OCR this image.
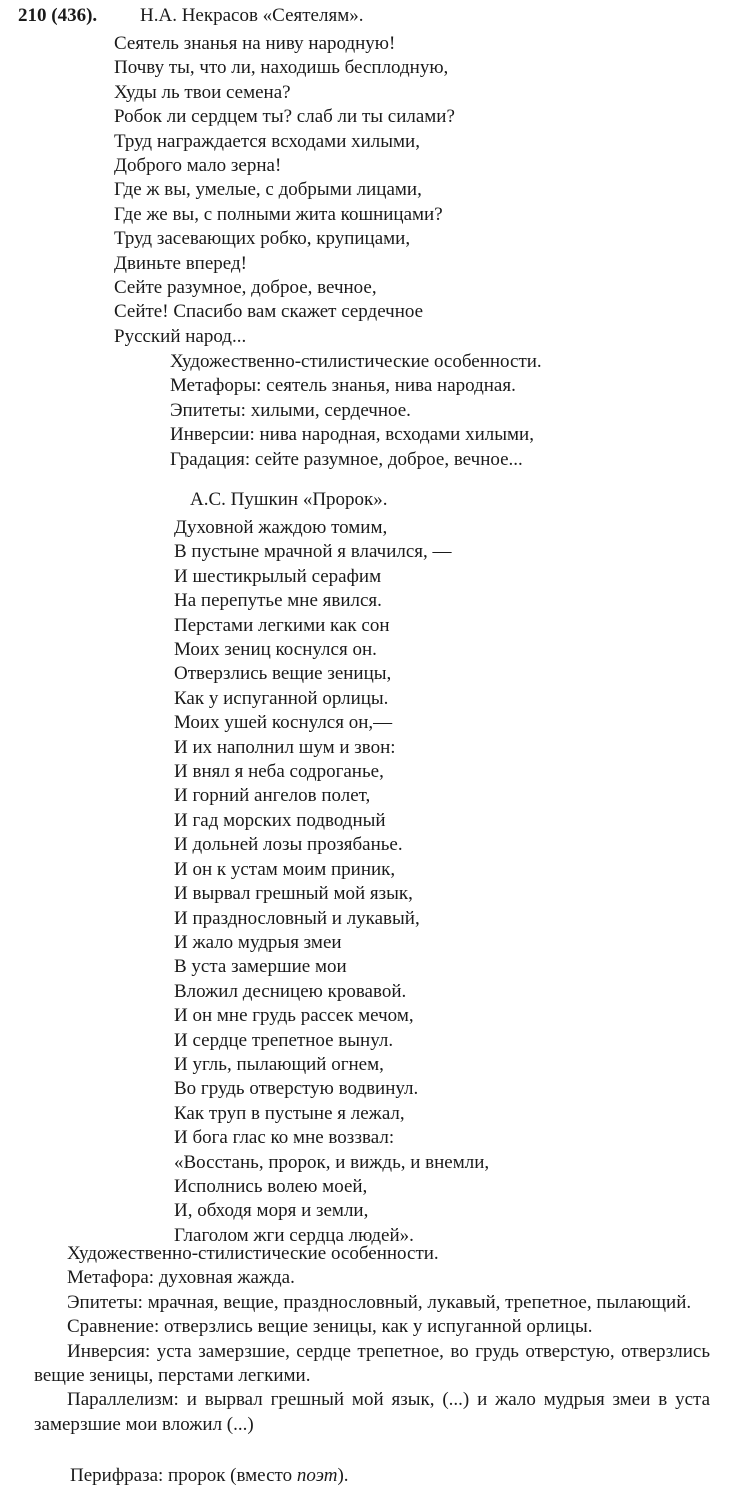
210 (436). Н.А. Некрасов «Сеятелям».
Сеятель знанья на ниву народную!
Почву ты, что ли, находишь бесплодную,
Худы ль твои семена?
Робок ли сердцем ты? слаб ли ты силами?
Труд награждается всходами хилыми,
Доброго мало зерна!
Где ж вы, умелые, с добрыми лицами,
Где же вы, с полными жита кошницами?
Труд засевающих робко, крупицами,
Двиньте вперед!
Сейте разумное, доброе, вечное,
Сейте! Спасибо вам скажет сердечное
Русский народ...
Художественно-стилистические особенности.
Метафоры: сеятель знанья, нива народная.
Эпитеты: хилыми, сердечное.
Инверсии: нива народная, всходами хилыми,
Градация: сейте разумное, доброе, вечное...
А.С. Пушкин «Пророк».
Духовной жаждою томим,
В пустыне мрачной я влачился, —
И шестикрылый серафим
На перепутье мне явился.
Перстами легкими как сон
Моих зениц коснулся он.
Отверзлись вещие зеницы,
Как у испуганной орлицы.
Моих ушей коснулся он,—
И их наполнил шум и звон:
И внял я неба содроганье,
И горний ангелов полет,
И гад морских подводный
И дольней лозы прозябанье.
И он к устам моим приник,
И вырвал грешный мой язык,
И празднословный и лукавый,
И жало мудрыя змеи
В уста замершие мои
Вложил десницею кровавой.
И он мне грудь рассек мечом,
И сердце трепетное вынул.
И угль, пылающий огнем,
Во грудь отверстую водвинул.
Как труп в пустыне я лежал,
И бога глас ко мне воззвал:
«Восстань, пророк, и виждь, и внемли,
Исполнись волею моей,
И, обходя моря и земли,
Глаголом жги сердца людей».
Художественно-стилистические особенности.
Метафора: духовная жажда.
Эпитеты: мрачная, вещие, празднословный, лукавый, трепетное, пылающий.
Сравнение: отверзлись вещие зеницы, как у испуганной орлицы.
Инверсия: уста замерзшие, сердце трепетное, во грудь отверстую, отверзлись вещие зеницы, перстами легкими.
Параллелизм: и вырвал грешный мой язык, (...) и жало мудрыя змеи в уста замерзшие мои вложил (...)
Перифраза: пророк (вместо поэт).
